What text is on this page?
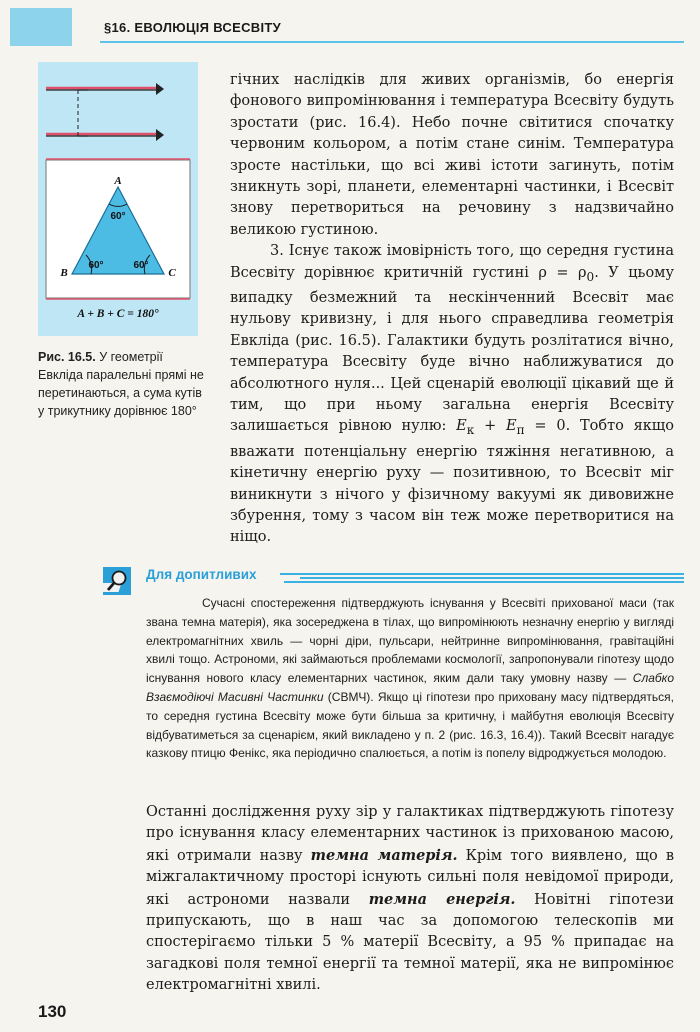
§16. ЕВОЛЮЦІЯ ВСЕСВІТУ
A
B	C
60°
60°	60°
A + B + C = 180°
Рис. 16.5. У геометрії Евкліда паралельні прямі не перетинаються, а сума кутів у трикутнику дорівнює 180°

гічних наслідків для живих організмів, бо енергія фонового випромінювання і температура Всесвіту будуть зростати (рис. 16.4). Небо почне світитися спочатку червоним кольором, а потім стане синім. Температура зросте настільки, що всі живі істоти загинуть, потім зникнуть зорі, планети, елементарні частинки, і Всесвіт знову перетвориться на речовину з надзвичайно великою густиною.

3. Існує також імовірність того, що середня густина Всесвіту дорівнює критичній густині $\rho = \rho_0$. У цьому випадку безмежний та нескінченний Всесвіт має нульову кривизну, і для нього справедлива геометрія Евкліда (рис. 16.5). Галактики будуть розлітатися вічно, температура Всесвіту буде вічно наближуватися до абсолютного нуля... Цей сценарій еволюції цікавий ще й тим, що при ньому загальна енергія Всесвіту залишається рівною нулю: $E_к + E_п = 0$. Тобто якщо вважати потенціальну енергію тяжіння негативною, а кінетичну енергію руху — позитивною, то Всесвіт міг виникнути з нічого у фізичному вакуумі як дивовижне збурення, тому з часом він теж може перетворитися на ніщо.

Для допитливих

Сучасні спостереження підтверджують існування у Всесвіті прихованої маси (так звана темна матерія), яка зосереджена в тілах, що випромінюють незначну енергію у вигляді електромагнітних хвиль — чорні діри, пульсари, нейтринне випромінювання, гравітаційні хвилі тощо. Астрономи, які займаються проблемами космології, запропонували гіпотезу щодо існування нового класу елементарних частинок, яким дали таку умовну назву — Слабко Взаємодіючі Масивні Частинки (СВМЧ). Якщо ці гіпотези про приховану масу підтвердяться, то середня густина Всесвіту може бути більша за критичну, і майбутня еволюція Всесвіту відбуватиметься за сценарієм, який викладено у п. 2 (рис. 16.3, 16.4)). Такий Всесвіт нагадує казкову птицю Фенікс, яка періодично спалюється, а потім із попелу відроджується молодою.

Останні дослідження руху зір у галактиках підтверджують гіпотезу про існування класу елементарних частинок із прихованою масою, які отримали назву темна матерія. Крім того виявлено, що в міжгалактичному просторі існують сильні поля невідомої природи, які астрономи назвали темна енергія. Новітні гіпотези припускають, що в наш час за допомогою телескопів ми спостерігаємо тільки 5 % матерії Всесвіту, а 95 % припадає на загадкові поля темної енергії та темної матерії, яка не випромінює електромагнітні хвилі.

130
